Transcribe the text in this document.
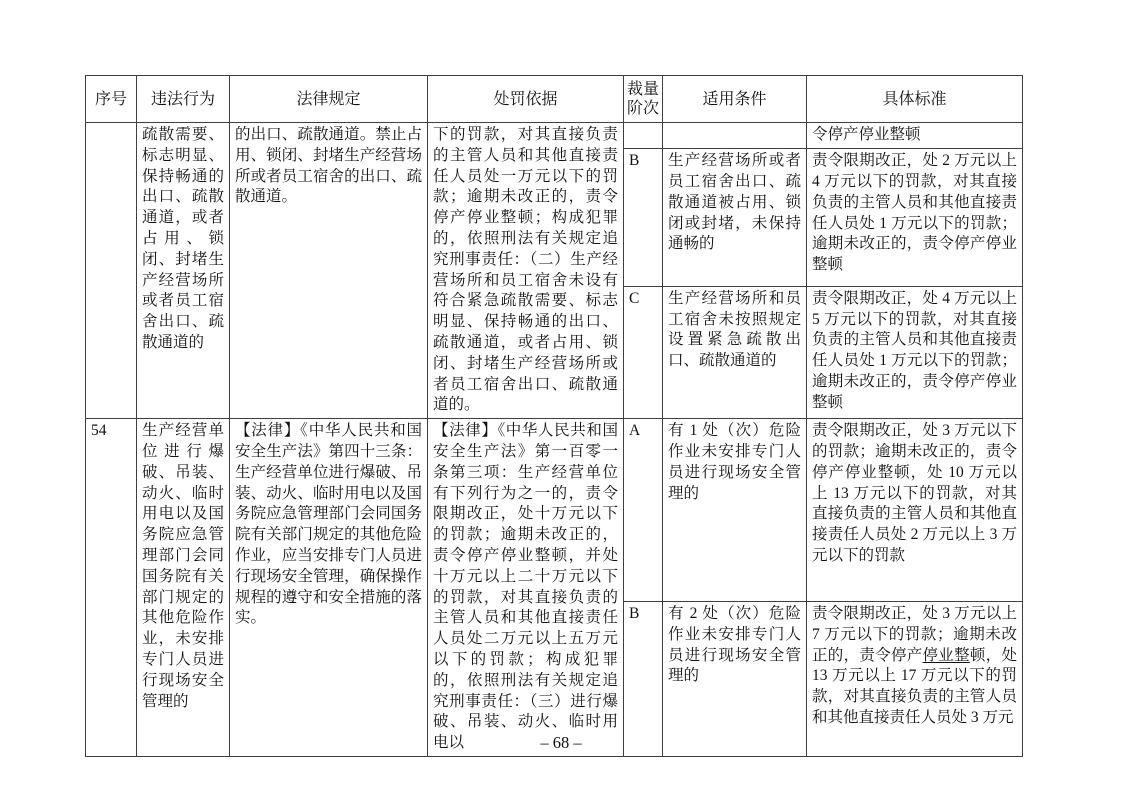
序号	违法行为	法律规定	处罚依据	裁量阶次	适用条件	具体标准
	疏散需要、标志明显、保持畅通的出口、疏散通道，或者占用、锁闭、封堵生产经营场所或者员工宿舍出口、疏散通道的	的出口、疏散通道。禁止占用、锁闭、封堵生产经营场所或者员工宿舍的出口、疏散通道。	下的罚款，对其直接负责的主管人员和其他直接责任人员处一万元以下的罚款；逾期未改正的，责令停产停业整顿；构成犯罪的，依照刑法有关规定追究刑事责任：（二）生产经营场所和员工宿舍未设有符合紧急疏散需要、标志明显、保持畅通的出口、疏散通道，或者占用、锁闭、封堵生产经营场所或者员工宿舍出口、疏散通道的。			令停产停业整顿
				B	生产经营场所或者员工宿舍出口、疏散通道被占用、锁闭或封堵，未保持通畅的	责令限期改正，处 2 万元以上 4 万元以下的罚款，对其直接负责的主管人员和其他直接责任人员处 1 万元以下的罚款；逾期未改正的，责令停产停业整顿
				C	生产经营场所和员工宿舍未按照规定设置紧急疏散出口、疏散通道的	责令限期改正，处 4 万元以上 5 万元以下的罚款，对其直接负责的主管人员和其他直接责任人员处 1 万元以下的罚款；逾期未改正的，责令停产停业整顿
54	生产经营单位进行爆破、吊装、动火、临时用电以及国务院应急管理部门会同国务院有关部门规定的其他危险作业，未安排专门人员进行现场安全管理的	【法律】《中华人民共和国安全生产法》第四十三条：生产经营单位进行爆破、吊装、动火、临时用电以及国务院应急管理部门会同国务院有关部门规定的其他危险作业，应当安排专门人员进行现场安全管理，确保操作规程的遵守和安全措施的落实。	【法律】《中华人民共和国安全生产法》第一百零一条第三项：生产经营单位有下列行为之一的，责令限期改正，处十万元以下的罚款；逾期未改正的，责令停产停业整顿，并处十万元以上二十万元以下的罚款，对其直接负责的主管人员和其他直接责任人员处二万元以上五万元以下的罚款；构成犯罪的，依照刑法有关规定追究刑事责任：（三）进行爆破、吊装、动火、临时用电以	A	有 1 处（次）危险作业未安排专门人员进行现场安全管理的	责令限期改正，处 3 万元以下的罚款；逾期未改正的，责令停产停业整顿，处 10 万元以上 13 万元以下的罚款，对其直接负责的主管人员和其他直接责任人员处 2 万元以上 3 万元以下的罚款
				B	有 2 处（次）危险作业未安排专门人员进行现场安全管理的	责令限期改正，处 3 万元以上 7 万元以下的罚款；逾期未改正的，责令停产停业整顿，处 13 万元以上 17 万元以下的罚款，对其直接负责的主管人员和其他直接责任人员处 3 万元
– 68 –
